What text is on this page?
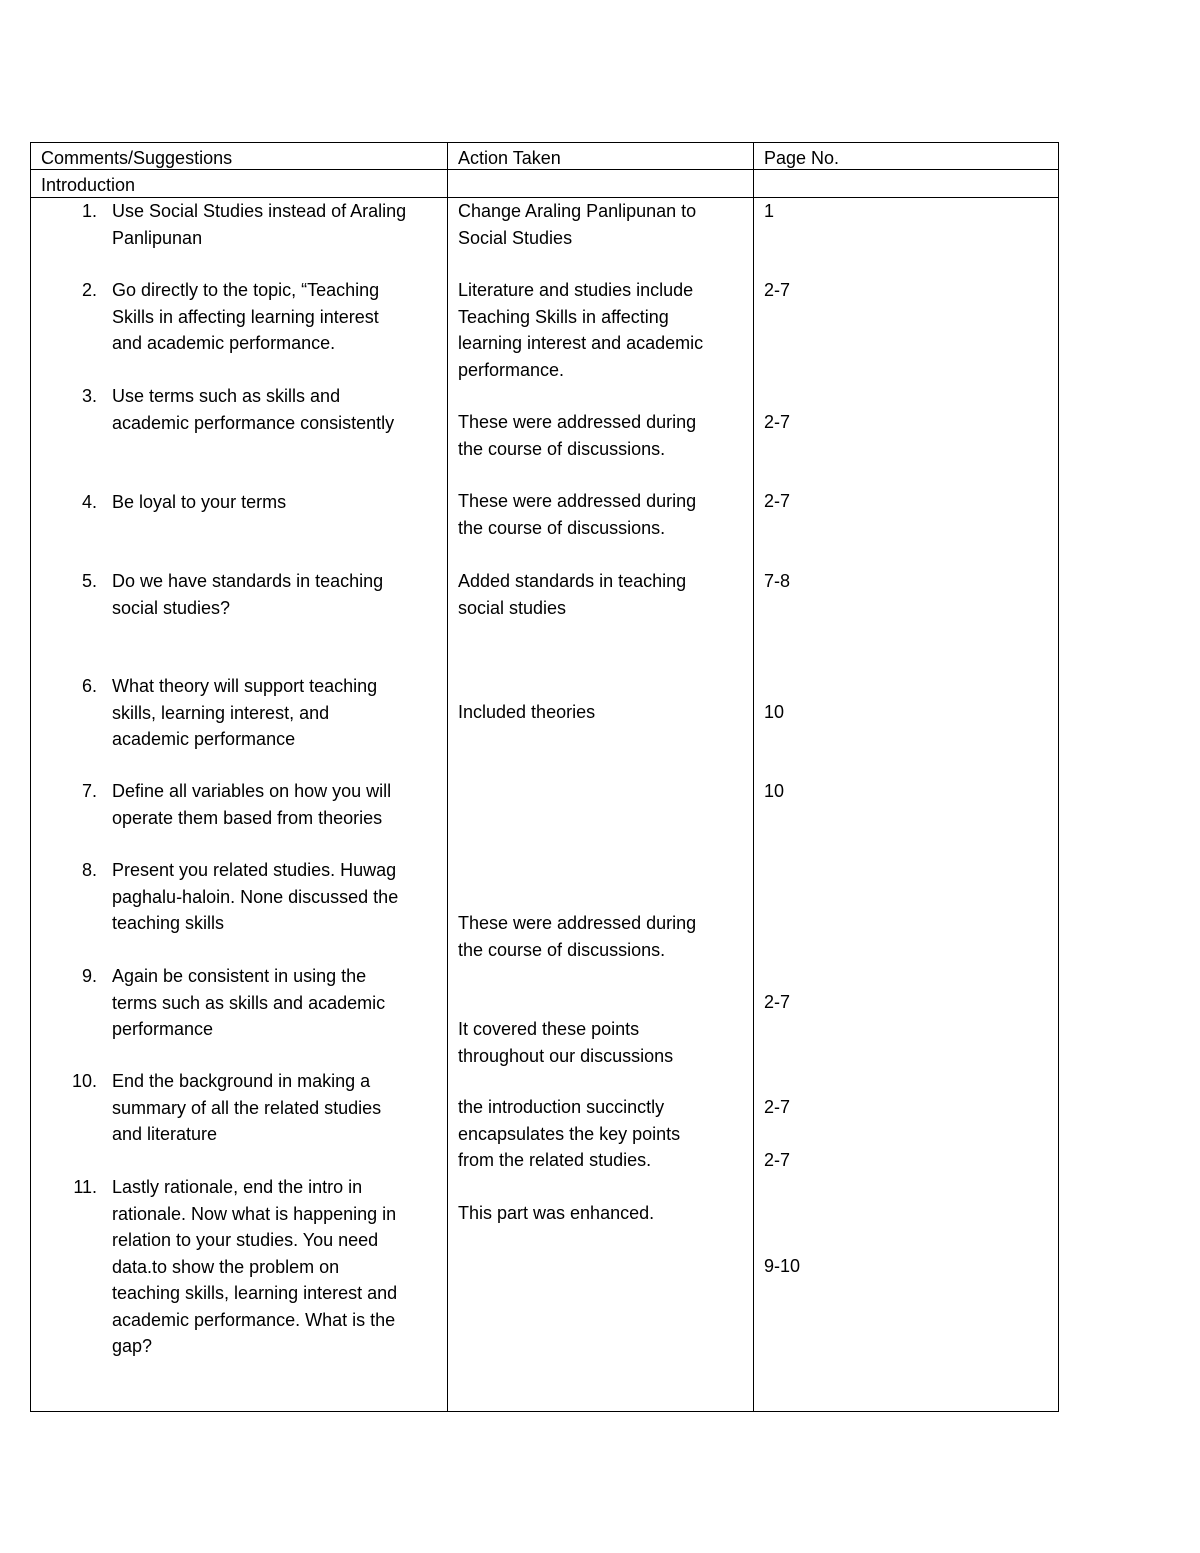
Comments/Suggestions	Action Taken	Page No.
Introduction
1. Use Social Studies instead of Araling
Panlipunan
2. Go directly to the topic, “Teaching
Skills in affecting learning interest
and academic performance.
3. Use terms such as skills and
academic performance consistently
4. Be loyal to your terms
5. Do we have standards in teaching
social studies?
6. What theory will support teaching
skills, learning interest, and
academic performance
7. Define all variables on how you will
operate them based from theories
8. Present you related studies. Huwag
paghalu-haloin. None discussed the
teaching skills
9. Again be consistent in using the
terms such as skills and academic
performance
10. End the background in making a
summary of all the related studies
and literature
11. Lastly rationale, end the intro in
rationale. Now what is happening in
relation to your studies. You need
data.to show the problem on
teaching skills, learning interest and
academic performance. What is the
gap?
Change Araling Panlipunan to
Social Studies
Literature and studies include
Teaching Skills in affecting
learning interest and academic
performance.
These were addressed during
the course of discussions.
These were addressed during
the course of discussions.
Added standards in teaching
social studies
Included theories
These were addressed during
the course of discussions.
It covered these points
throughout our discussions
the introduction succinctly
encapsulates the key points
from the related studies.
This part was enhanced.
1
2-7
2-7
2-7
7-8
10
10
2-7
2-7
2-7
9-10
